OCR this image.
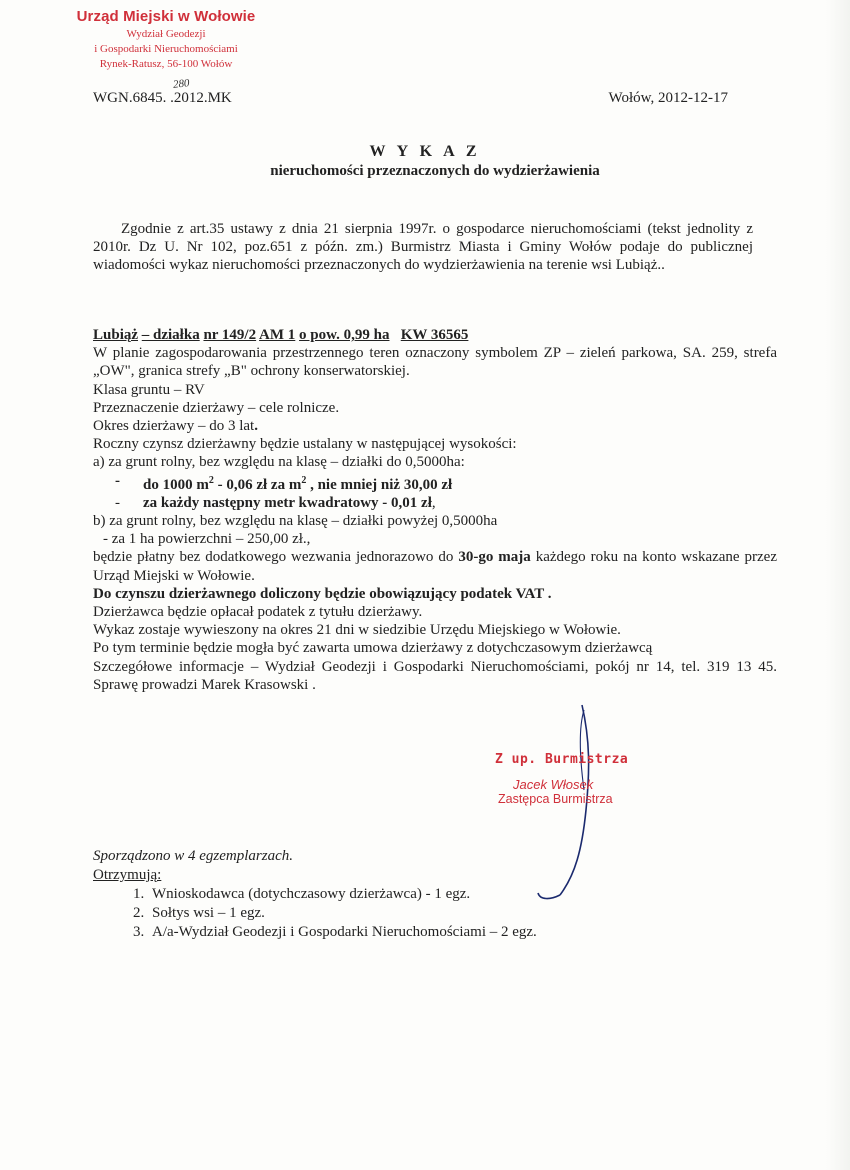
Urząd Miejski w Wołowie
Wydział Geodezji
i Gospodarki Nieruchomościami
Rynek-Ratusz, 56-100 Wołów
WGN.6845. .2012.MK
280
Wołów, 2012-12-17
W Y K A Z
nieruchomości przeznaczonych do wydzierżawienia
Zgodnie z art.35 ustawy z dnia 21 sierpnia 1997r. o gospodarce nieruchomościami (tekst jednolity z 2010r. Dz U. Nr 102, poz.651 z późn. zm.) Burmistrz Miasta i Gminy Wołów podaje do publicznej wiadomości wykaz nieruchomości przeznaczonych do wydzierżawienia na terenie wsi Lubiąż..
Lubiąż – działka nr 149/2 AM 1 o pow. 0,99 ha KW 36565
W planie zagospodarowania przestrzennego teren oznaczony symbolem ZP – zieleń parkowa, SA. 259, strefa „OW", granica strefy „B" ochrony konserwatorskiej.
Klasa gruntu – RV
Przeznaczenie dzierżawy – cele rolnicze.
Okres dzierżawy – do 3 lat.
Roczny czynsz dzierżawny będzie ustalany w następującej wysokości:
a) za grunt rolny, bez względu na klasę – działki do 0,5000ha:
-	do 1000 $m^2 - 0,06$ zł za $m^2$ , nie mniej niż 30,00 zł
-	za każdy następny metr kwadratowy - 0,01 zł,
b) za grunt rolny, bez względu na klasę – działki powyżej 0,5000ha
- za 1 ha powierzchni – 250,00 zł.,
będzie płatny bez dodatkowego wezwania jednorazowo do 30-go maja każdego roku na konto wskazane przez Urząd Miejski w Wołowie.
Do czynszu dzierżawnego doliczony będzie obowiązujący podatek VAT .
Dzierżawca będzie opłacał podatek z tytułu dzierżawy.
Wykaz zostaje wywieszony na okres 21 dni w siedzibie Urzędu Miejskiego w Wołowie.
Po tym terminie będzie mogła być zawarta umowa dzierżawy z dotychczasowym dzierżawcą
Szczegółowe informacje – Wydział Geodezji i Gospodarki Nieruchomościami, pokój nr 14, tel. 319 13 45. Sprawę prowadzi Marek Krasowski .
Z up. Burmistrza
Jacek Włosek
Zastępca Burmistrza
Sporządzono w 4 egzemplarzach.
Otrzymują:
1. Wnioskodawca (dotychczasowy dzierżawca) - 1 egz.
2. Sołtys wsi – 1 egz.
3. A/a-Wydział Geodezji i Gospodarki Nieruchomościami – 2 egz.
